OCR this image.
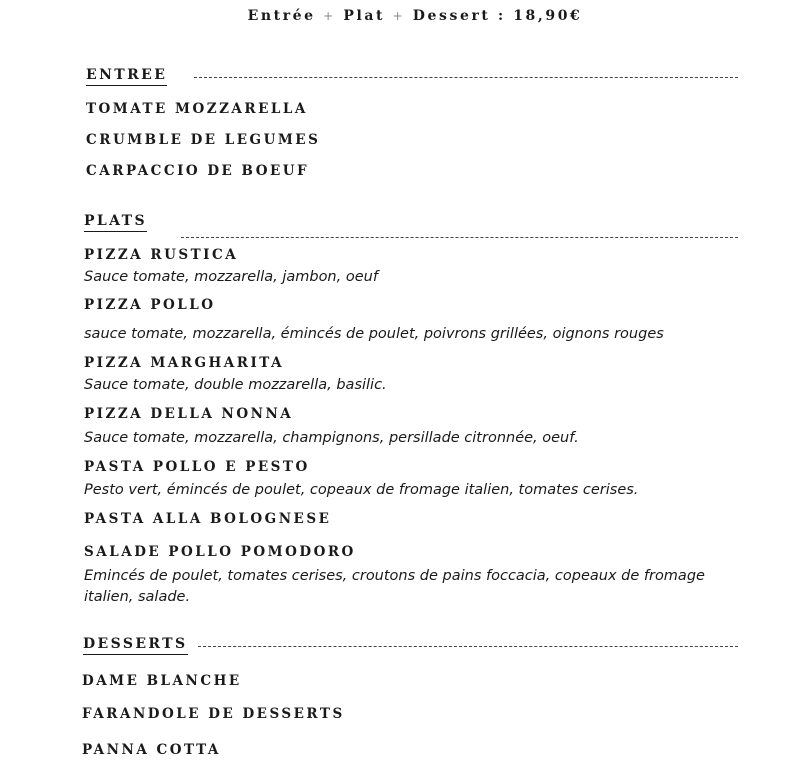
Entrée + Plat + Dessert : 18,90€
ENTREE
TOMATE MOZZARELLA
CRUMBLE DE LEGUMES
CARPACCIO DE BOEUF
PLATS
PIZZA RUSTICA
Sauce tomate, mozzarella, jambon, oeuf
PIZZA POLLO
sauce tomate, mozzarella, émincés de poulet, poivrons grillées, oignons rouges
PIZZA MARGHARITA
Sauce tomate, double mozzarella, basilic.
PIZZA DELLA NONNA
Sauce tomate, mozzarella, champignons, persillade citronnée, oeuf.
PASTA POLLO E PESTO
Pesto vert, émincés de poulet, copeaux de fromage italien, tomates cerises.
PASTA ALLA BOLOGNESE
SALADE POLLO POMODORO
Emincés de poulet, tomates cerises, croutons de pains foccacia, copeaux de fromage italien, salade.
DESSERTS
DAME BLANCHE
FARANDOLE DE DESSERTS
PANNA COTTA
